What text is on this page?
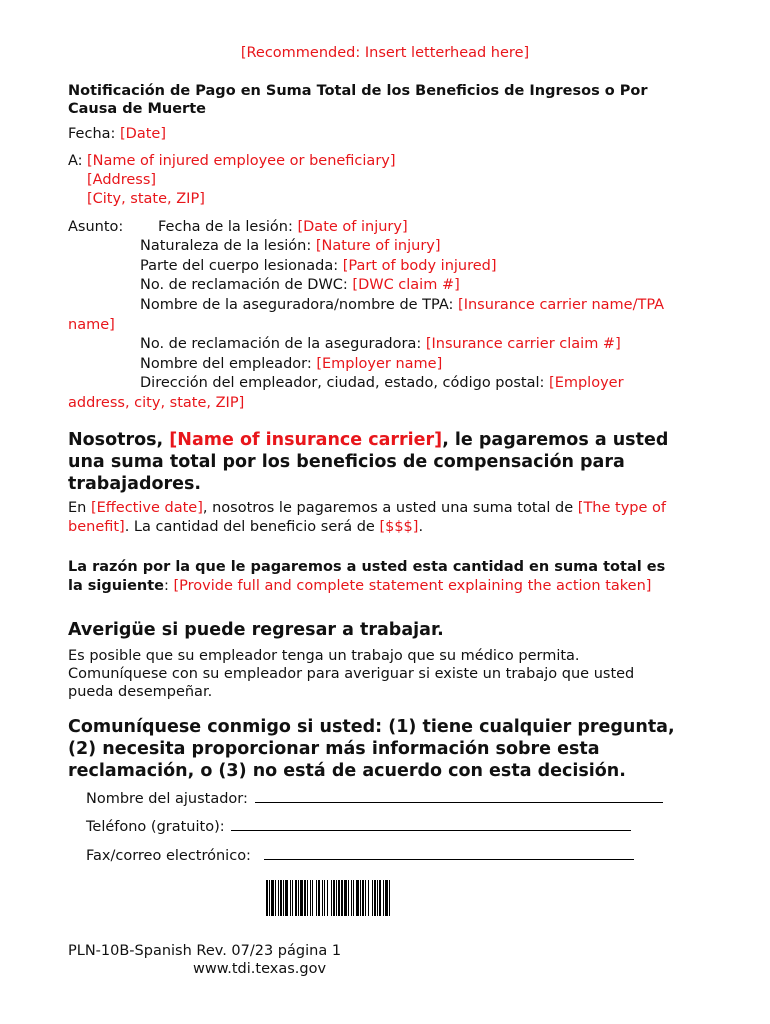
[Recommended: Insert letterhead here]
Notificación de Pago en Suma Total de los Beneficios de Ingresos o Por Causa de Muerte
Fecha: [Date]
A: [Name of injured employee or beneficiary]
[Address]
[City, state, ZIP]
Asunto: Fecha de la lesión: [Date of injury]
Naturaleza de la lesión: [Nature of injury]
Parte del cuerpo lesionada: [Part of body injured]
No. de reclamación de DWC: [DWC claim #]
Nombre de la aseguradora/nombre de TPA: [Insurance carrier name/TPA
name]
No. de reclamación de la aseguradora: [Insurance carrier claim #]
Nombre del empleador: [Employer name]
Dirección del empleador, ciudad, estado, código postal: [Employer
address, city, state, ZIP]
Nosotros, [Name of insurance carrier], le pagaremos a usted
una suma total por los beneficios de compensación para
trabajadores.
En [Effective date], nosotros le pagaremos a usted una suma total de [The type of
benefit]. La cantidad del beneficio será de [$$$].
La razón por la que le pagaremos a usted esta cantidad en suma total es
la siguiente: [Provide full and complete statement explaining the action taken]
Averigüe si puede regresar a trabajar.
Es posible que su empleador tenga un trabajo que su médico permita.
Comuníquese con su empleador para averiguar si existe un trabajo que usted
pueda desempeñar.
Comuníquese conmigo si usted: (1) tiene cualquier pregunta,
(2) necesita proporcionar más información sobre esta
reclamación, o (3) no está de acuerdo con esta decisión.
Nombre del ajustador:
Teléfono (gratuito):
Fax/correo electrónico:
PLN-10B-Spanish Rev. 07/23 página 1
www.tdi.texas.gov
